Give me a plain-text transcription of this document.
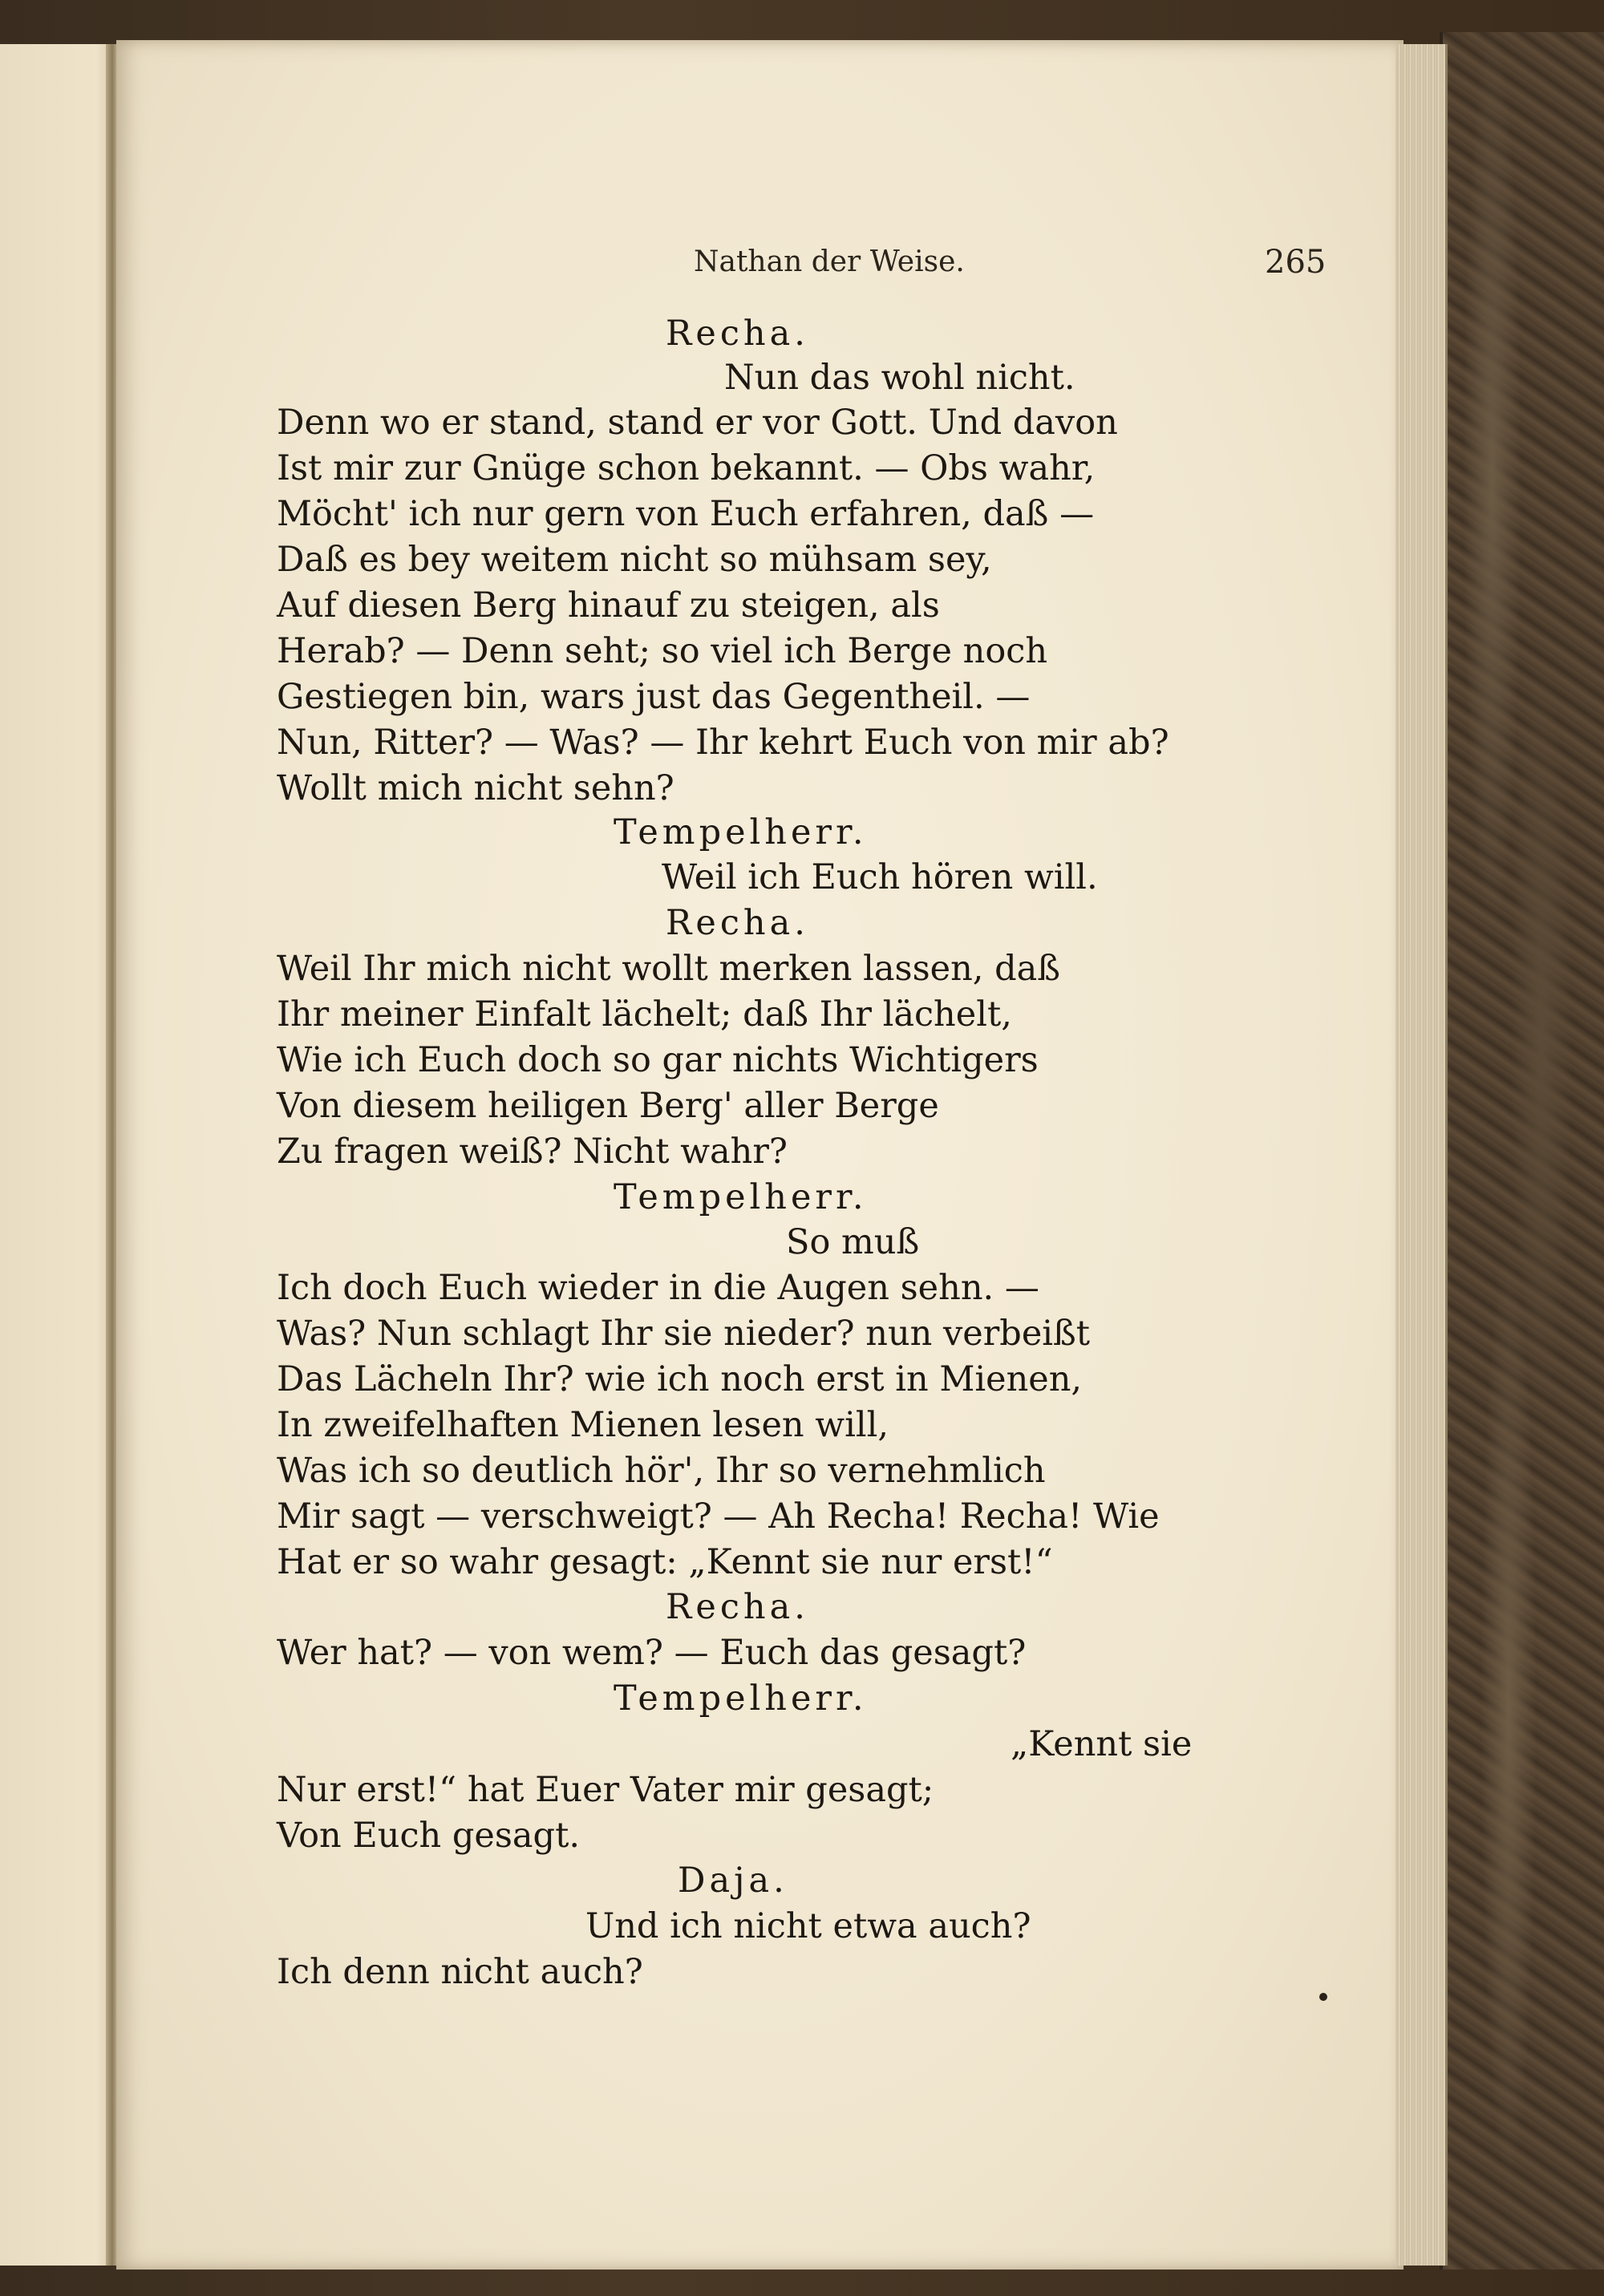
Nathan der Weise.	265
Recha.
Nun das wohl nicht.
Denn wo er stand, stand er vor Gott. Und davon
Ist mir zur Gnüge schon bekannt. — Obs wahr,
Möcht' ich nur gern von Euch erfahren, daß —
Daß es bey weitem nicht so mühsam sey,
Auf diesen Berg hinauf zu steigen, als
Herab? — Denn seht; so viel ich Berge noch
Gestiegen bin, wars just das Gegentheil. —
Nun, Ritter? — Was? — Ihr kehrt Euch von mir ab?
Wollt mich nicht sehn?
Tempelherr.
Weil ich Euch hören will.
Recha.
Weil Ihr mich nicht wollt merken lassen, daß
Ihr meiner Einfalt lächelt; daß Ihr lächelt,
Wie ich Euch doch so gar nichts Wichtigers
Von diesem heiligen Berg' aller Berge
Zu fragen weiß? Nicht wahr?
Tempelherr.
So muß
Ich doch Euch wieder in die Augen sehn. —
Was? Nun schlagt Ihr sie nieder? nun verbeißt
Das Lächeln Ihr? wie ich noch erst in Mienen,
In zweifelhaften Mienen lesen will,
Was ich so deutlich hör', Ihr so vernehmlich
Mir sagt — verschweigt? — Ah Recha! Recha! Wie
Hat er so wahr gesagt: „Kennt sie nur erst!“
Recha.
Wer hat? — von wem? — Euch das gesagt?
Tempelherr.
„Kennt sie
Nur erst!“ hat Euer Vater mir gesagt;
Von Euch gesagt.
Daja.
Und ich nicht etwa auch?
Ich denn nicht auch?
